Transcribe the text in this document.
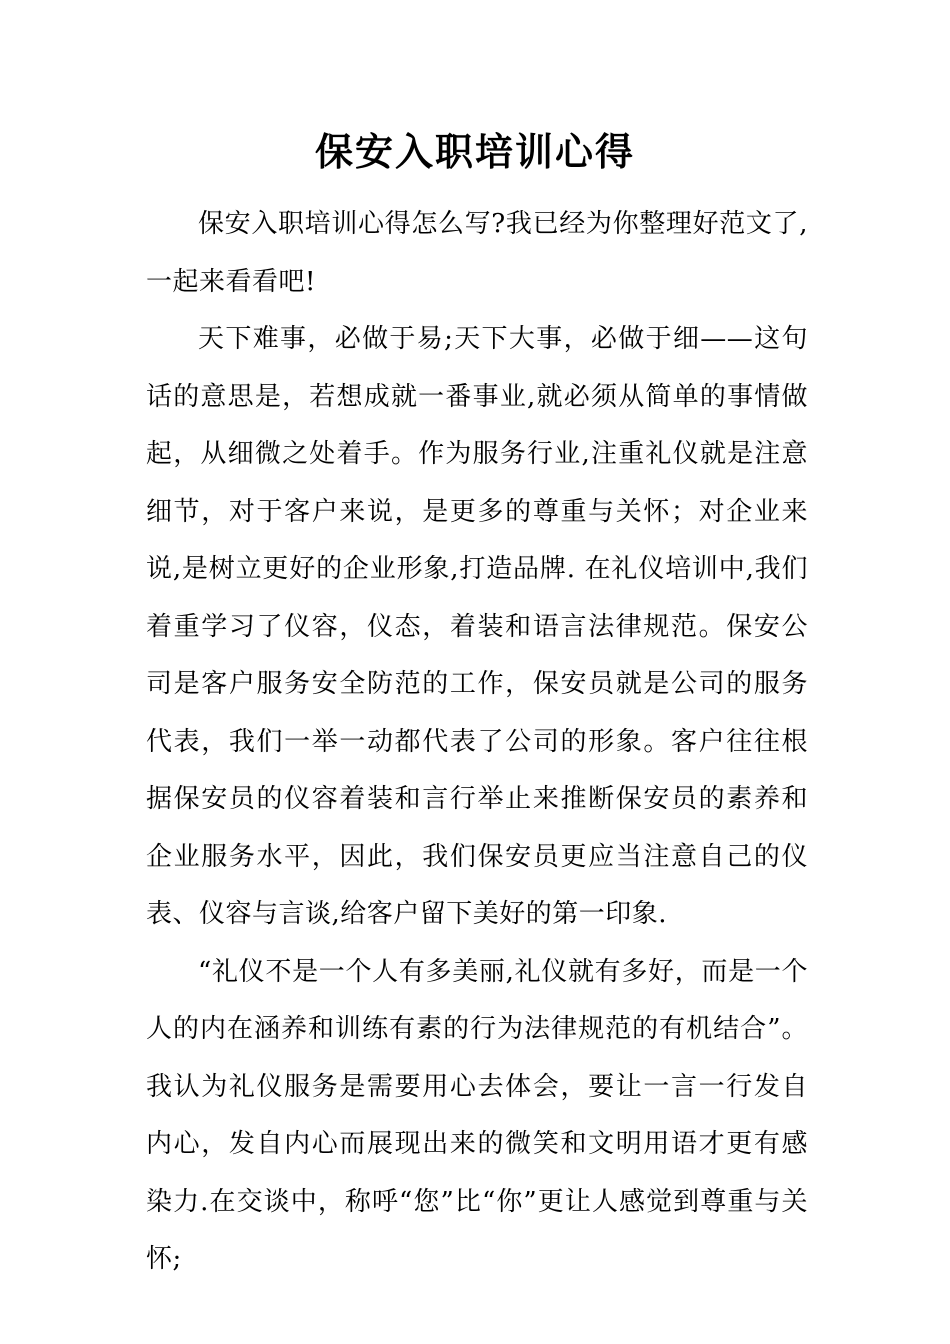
保安入职培训心得

保安入职培训心得怎么写?我已经为你整理好范文了,一起来看看吧!

天下难事，必做于易;天下大事，必做于细——这句话的意思是，若想成就一番事业,就必须从简单的事情做起，从细微之处着手。作为服务行业,注重礼仪就是注意细节，对于客户来说，是更多的尊重与关怀；对企业来说,是树立更好的企业形象,打造品牌. 在礼仪培训中,我们着重学习了仪容，仪态，着装和语言法律规范。保安公司是客户服务安全防范的工作，保安员就是公司的服务代表，我们一举一动都代表了公司的形象。客户往往根据保安员的仪容着装和言行举止来推断保安员的素养和企业服务水平，因此，我们保安员更应当注意自己的仪表、仪容与言谈,给客户留下美好的第一印象.

“礼仪不是一个人有多美丽,礼仪就有多好，而是一个人的内在涵养和训练有素的行为法律规范的有机结合”。我认为礼仪服务是需要用心去体会，要让一言一行发自内心，发自内心而展现出来的微笑和文明用语才更有感染力.在交谈中，称呼“您”比“你”更让人感觉到尊重与关怀;
